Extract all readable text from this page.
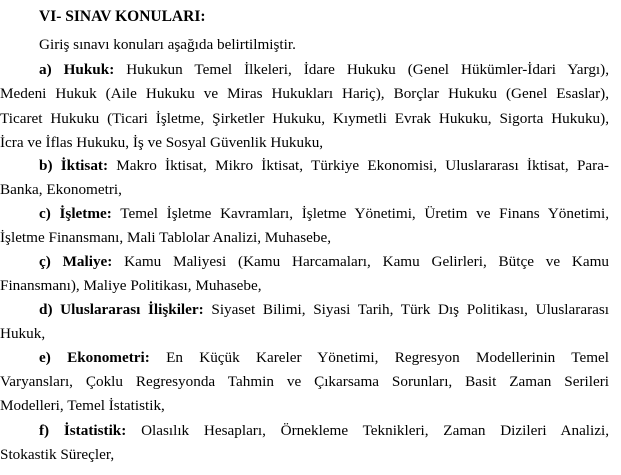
VI- SINAV KONULARI:
Giriş sınavı konuları aşağıda belirtilmiştir.
a) Hukuk: Hukukun Temel İlkeleri, İdare Hukuku (Genel Hükümler-İdari Yargı),
Medeni Hukuk (Aile Hukuku ve Miras Hukukları Hariç), Borçlar Hukuku (Genel Esaslar),
Ticaret Hukuku (Ticari İşletme, Şirketler Hukuku, Kıymetli Evrak Hukuku, Sigorta Hukuku),
İcra ve İflas Hukuku, İş ve Sosyal Güvenlik Hukuku,
b) İktisat: Makro İktisat, Mikro İktisat, Türkiye Ekonomisi, Uluslararası İktisat, Para-
Banka, Ekonometri,
c) İşletme: Temel İşletme Kavramları, İşletme Yönetimi, Üretim ve Finans Yönetimi,
İşletme Finansmanı, Mali Tablolar Analizi, Muhasebe,
ç) Maliye: Kamu Maliyesi (Kamu Harcamaları, Kamu Gelirleri, Bütçe ve Kamu
Finansmanı), Maliye Politikası, Muhasebe,
d) Uluslararası İlişkiler: Siyaset Bilimi, Siyasi Tarih, Türk Dış Politikası, Uluslararası
Hukuk,
e) Ekonometri: En Küçük Kareler Yönetimi, Regresyon Modellerinin Temel
Varyansları, Çoklu Regresyonda Tahmin ve Çıkarsama Sorunları, Basit Zaman Serileri
Modelleri, Temel İstatistik,
f) İstatistik: Olasılık Hesapları, Örnekleme Teknikleri, Zaman Dizileri Analizi,
Stokastik Süreçler,
